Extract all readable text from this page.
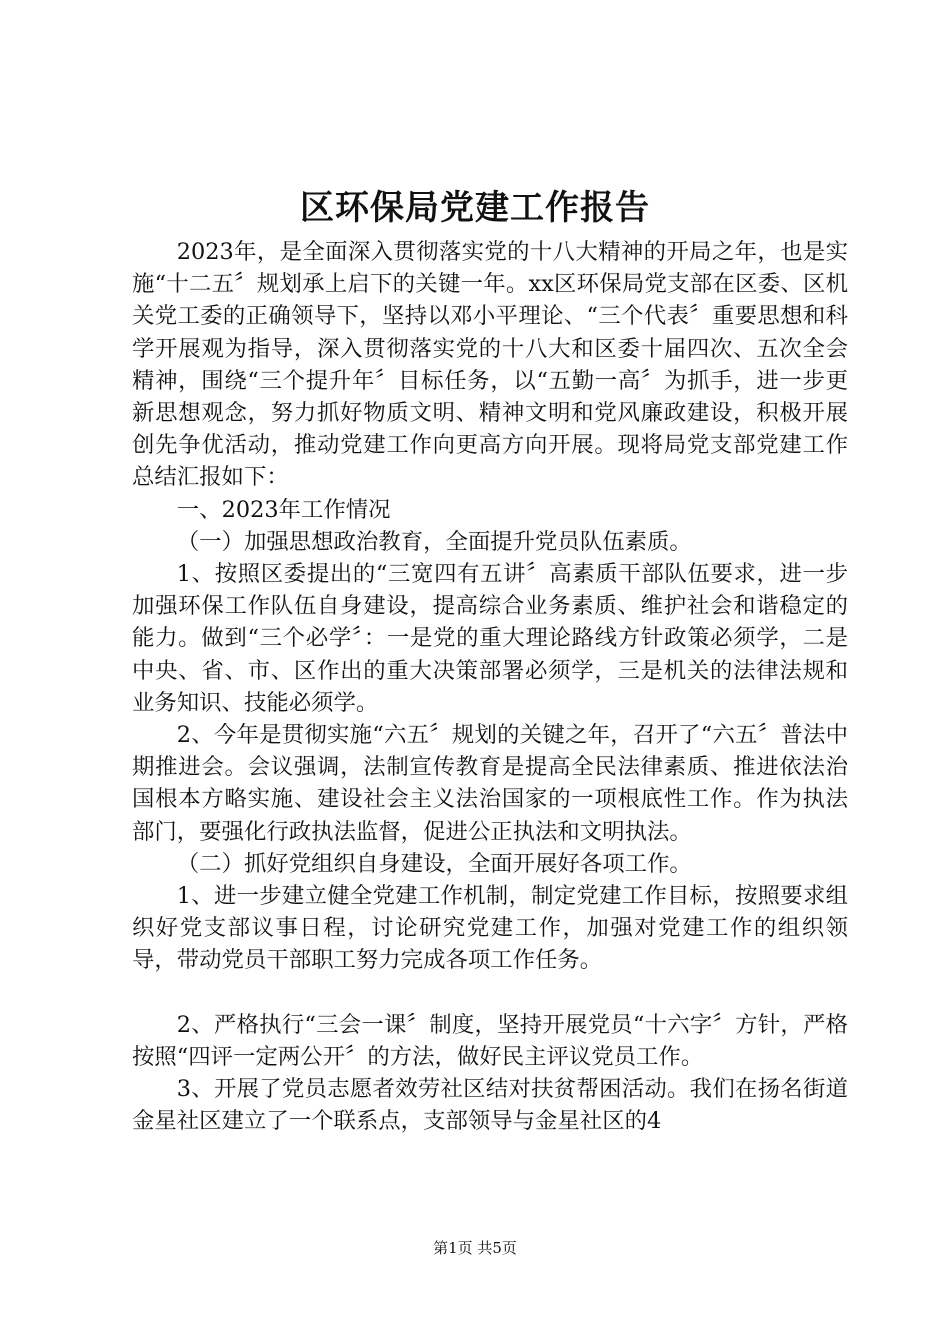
区环保局党建工作报告

2023年，是全面深入贯彻落实党的十八大精神的开局之年，也是实施“十二五〞规划承上启下的关键一年。xx区环保局党支部在区委、区机关党工委的正确领导下，坚持以邓小平理论、“三个代表〞重要思想和科学开展观为指导，深入贯彻落实党的十八大和区委十届四次、五次全会精神，围绕“三个提升年〞目标任务，以“五勤一高〞为抓手，进一步更新思想观念，努力抓好物质文明、精神文明和党风廉政建设，积极开展创先争优活动，推动党建工作向更高方向开展。现将局党支部党建工作总结汇报如下：

一、2023年工作情况

（一）加强思想政治教育，全面提升党员队伍素质。

1、按照区委提出的“三宽四有五讲〞高素质干部队伍要求，进一步加强环保工作队伍自身建设，提高综合业务素质、维护社会和谐稳定的能力。做到“三个必学〞：一是党的重大理论路线方针政策必须学，二是中央、省、市、区作出的重大决策部署必须学，三是机关的法律法规和业务知识、技能必须学。

2、今年是贯彻实施“六五〞规划的关键之年，召开了“六五〞普法中期推进会。会议强调，法制宣传教育是提高全民法律素质、推进依法治国根本方略实施、建设社会主义法治国家的一项根底性工作。作为执法部门，要强化行政执法监督，促进公正执法和文明执法。

（二）抓好党组织自身建设，全面开展好各项工作。

1、进一步建立健全党建工作机制，制定党建工作目标，按照要求组织好党支部议事日程，讨论研究党建工作，加强对党建工作的组织领导，带动党员干部职工努力完成各项工作任务。

2、严格执行“三会一课〞制度，坚持开展党员“十六字〞方针，严格按照“四评一定两公开〞的方法，做好民主评议党员工作。

3、开展了党员志愿者效劳社区结对扶贫帮困活动。我们在扬名街道金星社区建立了一个联系点，支部领导与金星社区的4

第1页 共5页
